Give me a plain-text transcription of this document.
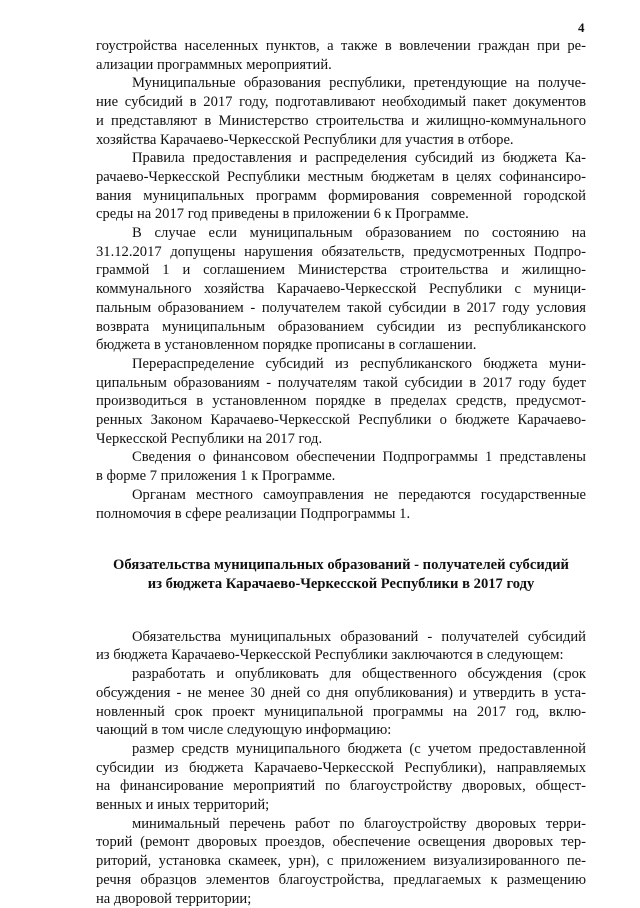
4
гоустройства населенных пунктов, а также в вовлечении граждан при ре-
ализации программных мероприятий.
Муниципальные образования республики, претендующие на получе-
ние субсидий в 2017 году, подготавливают необходимый пакет документов
и представляют в Министерство строительства и жилищно-коммунального
хозяйства Карачаево-Черкесской Республики для участия в отборе.
Правила предоставления и распределения субсидий из бюджета Ка-
рачаево-Черкесской Республики местным бюджетам в целях софинансиро-
вания муниципальных программ формирования современной городской
среды на 2017 год приведены в приложении 6 к Программе.
В случае если муниципальным образованием по состоянию на
31.12.2017 допущены нарушения обязательств, предусмотренных Подпро-
граммой 1 и соглашением Министерства строительства и жилищно-
коммунального хозяйства Карачаево-Черкесской Республики с муници-
пальным образованием - получателем такой субсидии в 2017 году условия
возврата муниципальным образованием субсидии из республиканского
бюджета в установленном порядке прописаны в соглашении.
Перераспределение субсидий из республиканского бюджета муни-
ципальным образованиям - получателям такой субсидии в 2017 году будет
производиться в установленном порядке в пределах средств, предусмот-
ренных Законом Карачаево-Черкесской Республики о бюджете Карачаево-
Черкесской Республики на 2017 год.
Сведения о финансовом обеспечении Подпрограммы 1 представлены
в форме 7 приложения 1 к Программе.
Органам местного самоуправления не передаются государственные
полномочия в сфере реализации Подпрограммы 1.
Обязательства муниципальных образований - получателей субсидий
из бюджета Карачаево-Черкесской Республики в 2017 году
Обязательства муниципальных образований - получателей субсидий
из бюджета Карачаево-Черкесской Республики заключаются в следующем:
разработать и опубликовать для общественного обсуждения (срок
обсуждения - не менее 30 дней со дня опубликования) и утвердить в уста-
новленный срок проект муниципальной программы на 2017 год, вклю-
чающий в том числе следующую информацию:
размер средств муниципального бюджета (с учетом предоставленной
субсидии из бюджета Карачаево-Черкесской Республики), направляемых
на финансирование мероприятий по благоустройству дворовых, общест-
венных и иных территорий;
минимальный перечень работ по благоустройству дворовых терри-
торий (ремонт дворовых проездов, обеспечение освещения дворовых тер-
риторий, установка скамеек, урн), с приложением визуализированного пе-
речня образцов элементов благоустройства, предлагаемых к размещению
на дворовой территории;
